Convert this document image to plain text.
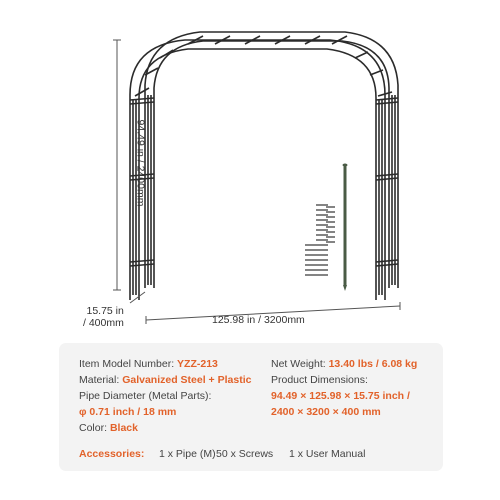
94.49 in / 2400mm
15.75 in
/ 400mm	125.98 in / 3200mm
Item Model Number: YZZ-213
Material: Galvanized Steel + Plastic
Pipe Diameter (Metal Parts):
φ 0.71 inch / 18 mm
Color: Black
Net Weight: 13.40 lbs / 6.08 kg
Product Dimensions:
94.49 × 125.98 × 15.75 inch /
2400 × 3200 × 400 mm
Accessories: 1 x Pipe (M) 50 x Screws 1 x User Manual
